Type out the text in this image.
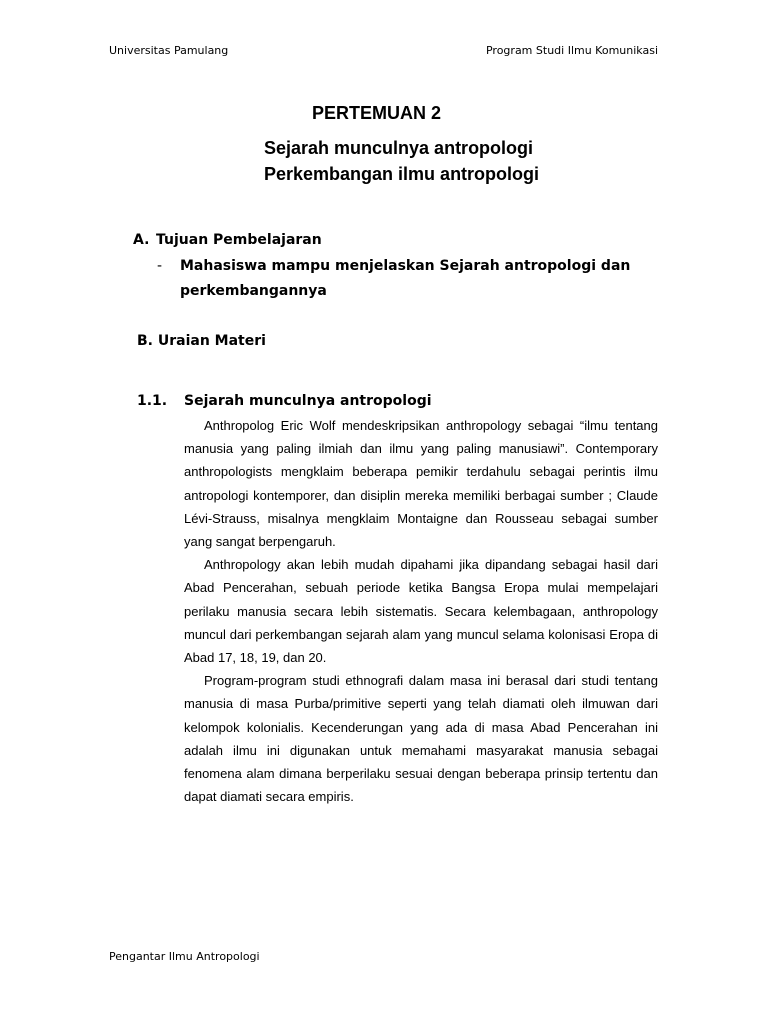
Universitas Pamulang	Program Studi Ilmu Komunikasi
PERTEMUAN 2
Sejarah munculnya antropologi
Perkembangan ilmu antropologi
A. Tujuan Pembelajaran
- Mahasiswa mampu menjelaskan Sejarah antropologi dan
perkembangannya
B. Uraian Materi
1.1. Sejarah munculnya antropologi

Anthropolog Eric Wolf mendeskripsikan anthropology sebagai “ilmu tentang manusia yang paling ilmiah dan ilmu yang paling manusiawi”. Contemporary anthropologists mengklaim beberapa pemikir terdahulu sebagai perintis ilmu antropologi kontemporer, dan disiplin mereka memiliki berbagai sumber ; Claude Lévi-Strauss, misalnya mengklaim Montaigne dan Rousseau sebagai sumber yang sangat berpengaruh.

Anthropology akan lebih mudah dipahami jika dipandang sebagai hasil dari Abad Pencerahan, sebuah periode ketika Bangsa Eropa mulai mempelajari perilaku manusia secara lebih sistematis. Secara kelembagaan, anthropology muncul dari perkembangan sejarah alam yang muncul selama kolonisasi Eropa di Abad 17, 18, 19, dan 20.

Program-program studi ethnografi dalam masa ini berasal dari studi tentang manusia di masa Purba/primitive seperti yang telah diamati oleh ilmuwan dari kelompok kolonialis. Kecenderungan yang ada di masa Abad Pencerahan ini adalah ilmu ini digunakan untuk memahami masyarakat manusia sebagai fenomena alam dimana berperilaku sesuai dengan beberapa prinsip tertentu dan dapat diamati secara empiris.

Pengantar Ilmu Antropologi
